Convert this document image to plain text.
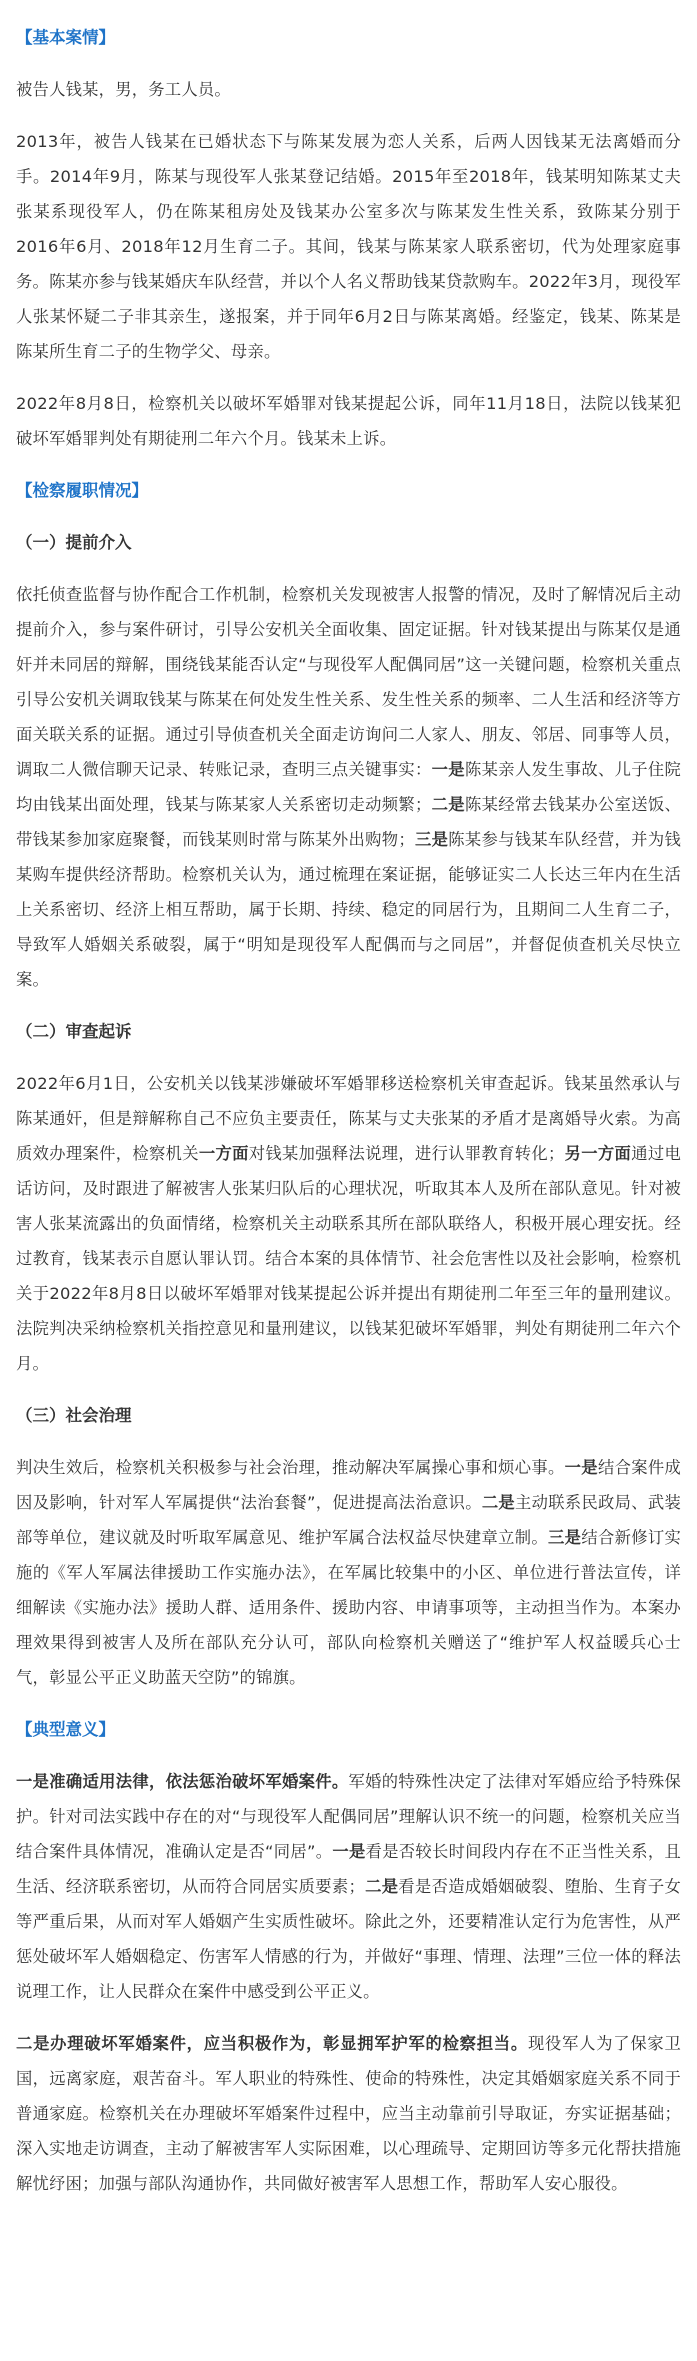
【基本案情】

被告人钱某，男，务工人员。

2013年，被告人钱某在已婚状态下与陈某发展为恋人关系，后两人因钱某无法离婚而分手。2014年9月，陈某与现役军人张某登记结婚。2015年至2018年，钱某明知陈某丈夫张某系现役军人，仍在陈某租房处及钱某办公室多次与陈某发生性关系，致陈某分别于2016年6月、2018年12月生育二子。其间，钱某与陈某家人联系密切，代为处理家庭事务。陈某亦参与钱某婚庆车队经营，并以个人名义帮助钱某贷款购车。2022年3月，现役军人张某怀疑二子非其亲生，遂报案，并于同年6月2日与陈某离婚。经鉴定，钱某、陈某是陈某所生育二子的生物学父、母亲。

2022年8月8日，检察机关以破坏军婚罪对钱某提起公诉，同年11月18日，法院以钱某犯破坏军婚罪判处有期徒刑二年六个月。钱某未上诉。

【检察履职情况】

（一）提前介入

依托侦查监督与协作配合工作机制，检察机关发现被害人报警的情况，及时了解情况后主动提前介入，参与案件研讨，引导公安机关全面收集、固定证据。针对钱某提出与陈某仅是通奸并未同居的辩解，围绕钱某能否认定“与现役军人配偶同居”这一关键问题，检察机关重点引导公安机关调取钱某与陈某在何处发生性关系、发生性关系的频率、二人生活和经济等方面关联关系的证据。通过引导侦查机关全面走访询问二人家人、朋友、邻居、同事等人员，调取二人微信聊天记录、转账记录，查明三点关键事实：一是陈某亲人发生事故、儿子住院均由钱某出面处理，钱某与陈某家人关系密切走动频繁；二是陈某经常去钱某办公室送饭、带钱某参加家庭聚餐，而钱某则时常与陈某外出购物；三是陈某参与钱某车队经营，并为钱某购车提供经济帮助。检察机关认为，通过梳理在案证据，能够证实二人长达三年内在生活上关系密切、经济上相互帮助，属于长期、持续、稳定的同居行为，且期间二人生育二子，导致军人婚姻关系破裂，属于“明知是现役军人配偶而与之同居”，并督促侦查机关尽快立案。

（二）审查起诉

2022年6月1日，公安机关以钱某涉嫌破坏军婚罪移送检察机关审查起诉。钱某虽然承认与陈某通奸，但是辩解称自己不应负主要责任，陈某与丈夫张某的矛盾才是离婚导火索。为高质效办理案件，检察机关一方面对钱某加强释法说理，进行认罪教育转化；另一方面通过电话访问，及时跟进了解被害人张某归队后的心理状况，听取其本人及所在部队意见。针对被害人张某流露出的负面情绪，检察机关主动联系其所在部队联络人，积极开展心理安抚。经过教育，钱某表示自愿认罪认罚。结合本案的具体情节、社会危害性以及社会影响，检察机关于2022年8月8日以破坏军婚罪对钱某提起公诉并提出有期徒刑二年至三年的量刑建议。法院判决采纳检察机关指控意见和量刑建议，以钱某犯破坏军婚罪，判处有期徒刑二年六个月。

（三）社会治理

判决生效后，检察机关积极参与社会治理，推动解决军属操心事和烦心事。一是结合案件成因及影响，针对军人军属提供“法治套餐”，促进提高法治意识。二是主动联系民政局、武装部等单位，建议就及时听取军属意见、维护军属合法权益尽快建章立制。三是结合新修订实施的《军人军属法律援助工作实施办法》，在军属比较集中的小区、单位进行普法宣传，详细解读《实施办法》援助人群、适用条件、援助内容、申请事项等，主动担当作为。本案办理效果得到被害人及所在部队充分认可，部队向检察机关赠送了“维护军人权益暖兵心士气，彰显公平正义助蓝天空防”的锦旗。

【典型意义】

一是准确适用法律，依法惩治破坏军婚案件。军婚的特殊性决定了法律对军婚应给予特殊保护。针对司法实践中存在的对“与现役军人配偶同居”理解认识不统一的问题，检察机关应当结合案件具体情况，准确认定是否“同居”。一是看是否较长时间段内存在不正当性关系，且生活、经济联系密切，从而符合同居实质要素；二是看是否造成婚姻破裂、堕胎、生育子女等严重后果，从而对军人婚姻产生实质性破坏。除此之外，还要精准认定行为危害性，从严惩处破坏军人婚姻稳定、伤害军人情感的行为，并做好“事理、情理、法理”三位一体的释法说理工作，让人民群众在案件中感受到公平正义。

二是办理破坏军婚案件，应当积极作为，彰显拥军护军的检察担当。现役军人为了保家卫国，远离家庭，艰苦奋斗。军人职业的特殊性、使命的特殊性，决定其婚姻家庭关系不同于普通家庭。检察机关在办理破坏军婚案件过程中，应当主动靠前引导取证，夯实证据基础；深入实地走访调查，主动了解被害军人实际困难，以心理疏导、定期回访等多元化帮扶措施解忧纾困；加强与部队沟通协作，共同做好被害军人思想工作，帮助军人安心服役。
